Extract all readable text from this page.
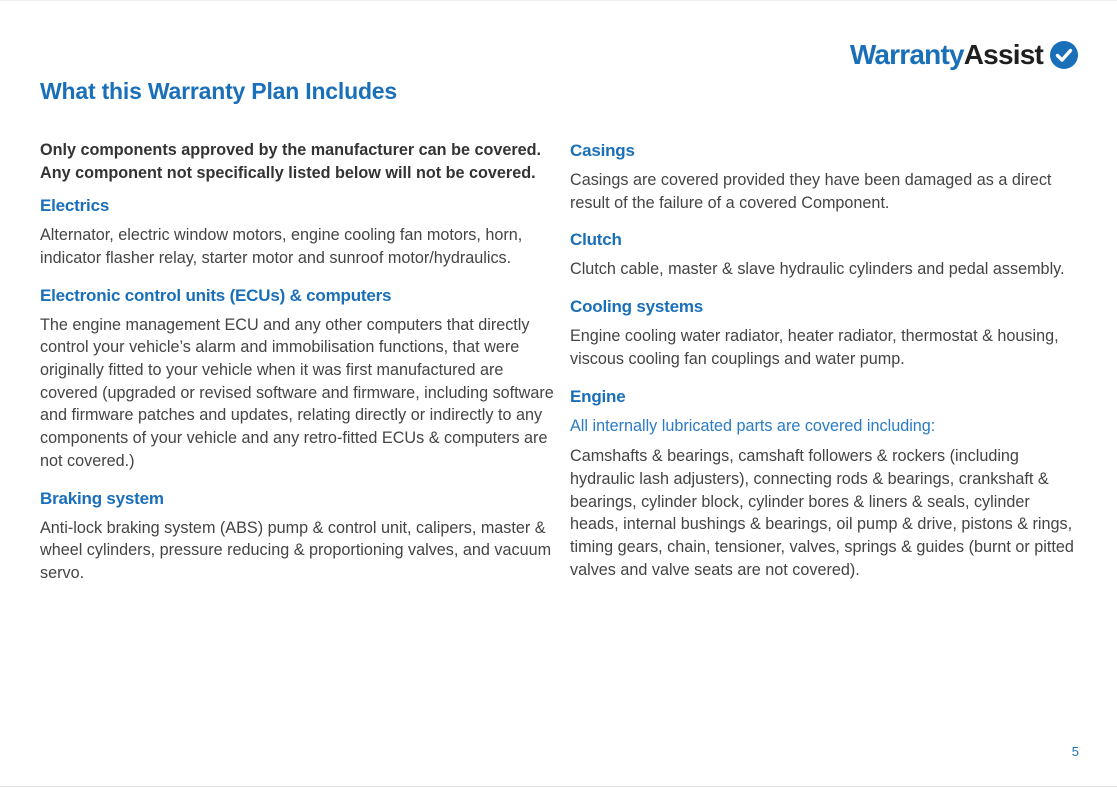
Warranty Assist
What this Warranty Plan Includes

Only components approved by the manufacturer can be covered. Any component not specifically listed below will not be covered.

Electrics

Alternator, electric window motors, engine cooling fan motors, horn, indicator flasher relay, starter motor and sunroof motor/hydraulics.

Electronic control units (ECUs) & computers

The engine management ECU and any other computers that directly control your vehicle’s alarm and immobilisation functions, that were originally fitted to your vehicle when it was first manufactured are covered (upgraded or revised software and firmware, including software and firmware patches and updates, relating directly or indirectly to any components of your vehicle and any retro-fitted ECUs & computers are not covered.)

Braking system

Anti-lock braking system (ABS) pump & control unit, calipers, master & wheel cylinders, pressure reducing & proportioning valves, and vacuum servo.

Casings

Casings are covered provided they have been damaged as a direct result of the failure of a covered Component.

Clutch

Clutch cable, master & slave hydraulic cylinders and pedal assembly.

Cooling systems

Engine cooling water radiator, heater radiator, thermostat & housing, viscous cooling fan couplings and water pump.

Engine

All internally lubricated parts are covered including:

Camshafts & bearings, camshaft followers & rockers (including hydraulic lash adjusters), connecting rods & bearings, crankshaft & bearings, cylinder block, cylinder bores & liners & seals, cylinder heads, internal bushings & bearings, oil pump & drive, pistons & rings, timing gears, chain, tensioner, valves, springs & guides (burnt or pitted valves and valve seats are not covered).

5
